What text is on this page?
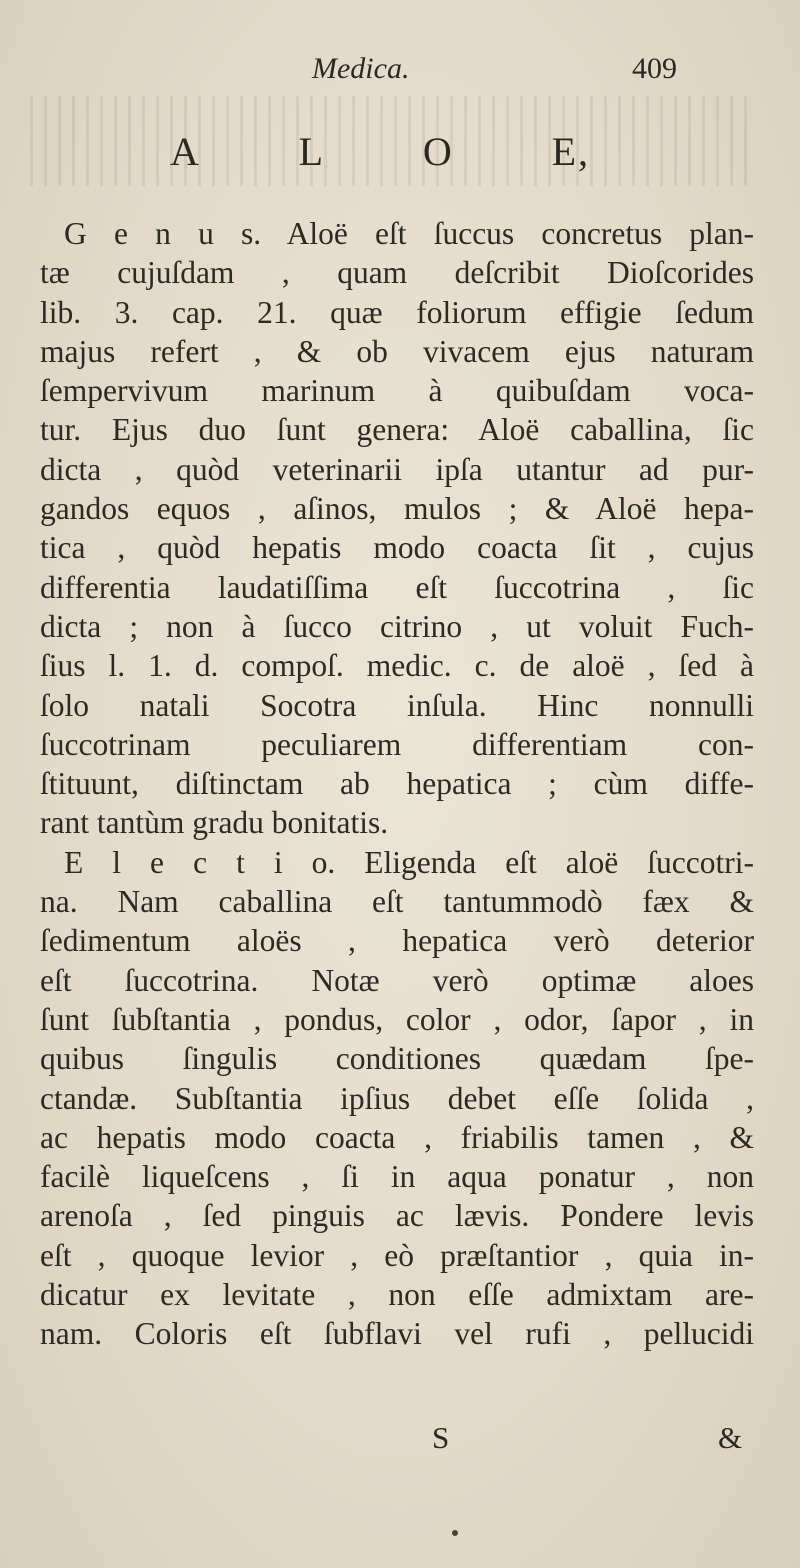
Medica.	409
A L O E,
G e n u s. Aloë eſt ſuccus concretus plan-
tæ cujuſdam , quam deſcribit Dioſcorides
lib. 3. cap. 21. quæ foliorum effigie ſedum
majus refert , & ob vivacem ejus naturam
ſempervivum marinum à quibuſdam voca-
tur. Ejus duo ſunt genera: Aloë caballina, ſic
dicta , quòd veterinarii ipſa utantur ad pur-
gandos equos , aſinos, mulos ; & Aloë hepa-
tica , quòd hepatis modo coacta ſit , cujus
differentia laudatiſſima eſt ſuccotrina , ſic
dicta ; non à ſucco citrino , ut voluit Fuch-
ſius l. 1. d. compoſ. medic. c. de aloë , ſed à
ſolo natali Socotra inſula. Hinc nonnulli
ſuccotrinam peculiarem differentiam con-
ſtituunt, diſtinctam ab hepatica ; cùm diffe-
rant tantùm gradu bonitatis.
E l e c t i o. Eligenda eſt aloë ſuccotri-
na. Nam caballina eſt tantummodò fæx &
ſedimentum aloës , hepatica verò deterior
eſt ſuccotrina. Notæ verò optimæ aloes
ſunt ſubſtantia , pondus, color , odor, ſapor , in
quibus ſingulis conditiones quædam ſpe-
ctandæ. Subſtantia ipſius debet eſſe ſolida ,
ac hepatis modo coacta , friabilis tamen , &
facilè liqueſcens , ſi in aqua ponatur , non
arenoſa , ſed pinguis ac lævis. Pondere levis
eſt , quoque levior , eò præſtantior , quia in-
dicatur ex levitate , non eſſe admixtam are-
nam. Coloris eſt ſubflavi vel rufi , pellucidi
S	&
